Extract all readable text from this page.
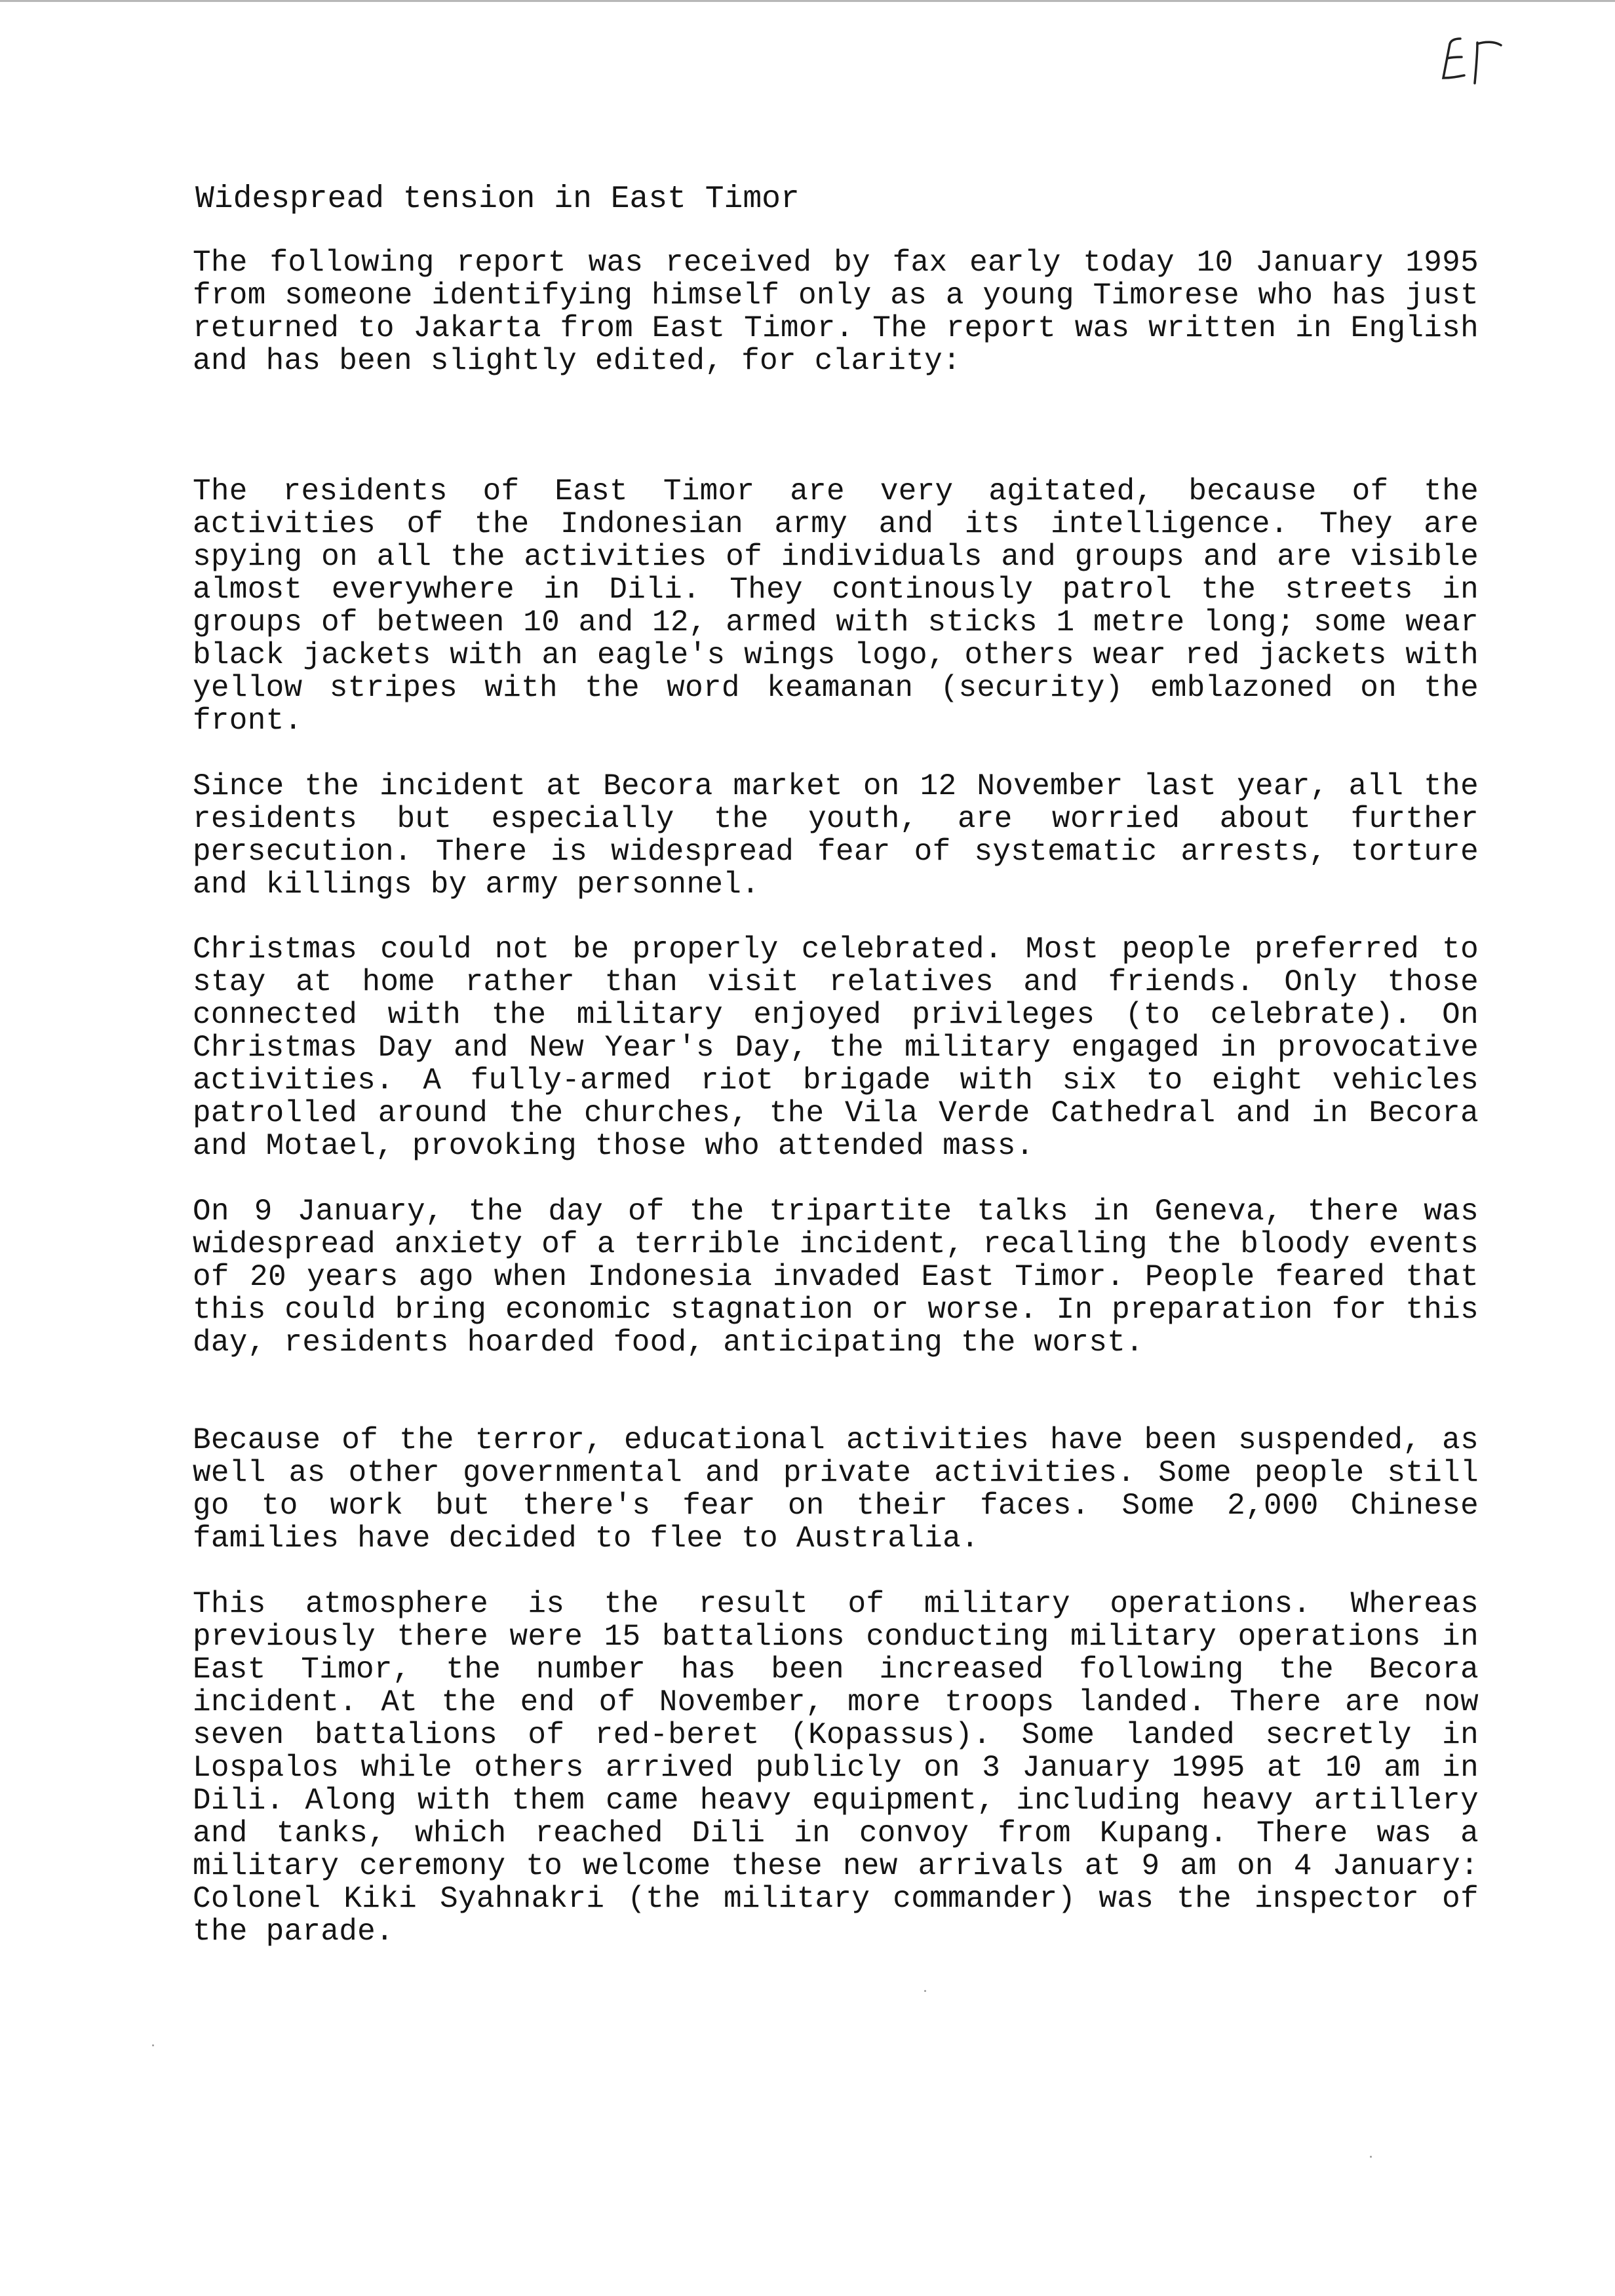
Widespread tension in East Timor

The following report was received by fax early today 10 January 1995 from someone identifying himself only as a young Timorese who has just returned to Jakarta from East Timor. The report was written in English and has been slightly edited, for clarity:

The residents of East Timor are very agitated, because of the activities of the Indonesian army and its intelligence. They are spying on all the activities of individuals and groups and are visible almost everywhere in Dili. They continously patrol the streets in groups of between 10 and 12, armed with sticks 1 metre long; some wear black jackets with an eagle's wings logo, others wear red jackets with yellow stripes with the word keamanan (security) emblazoned on the front.

Since the incident at Becora market on 12 November last year, all the residents but especially the youth, are worried about further persecution. There is widespread fear of systematic arrests, torture and killings by army personnel.

Christmas could not be properly celebrated. Most people preferred to stay at home rather than visit relatives and friends. Only those connected with the military enjoyed privileges (to celebrate). On Christmas Day and New Year's Day, the military engaged in provocative activities. A fully-armed riot brigade with six to eight vehicles patrolled around the churches, the Vila Verde Cathedral and in Becora and Motael, provoking those who attended mass.

On 9 January, the day of the tripartite talks in Geneva, there was widespread anxiety of a terrible incident, recalling the bloody events of 20 years ago when Indonesia invaded East Timor. People feared that this could bring economic stagnation or worse. In preparation for this day, residents hoarded food, anticipating the worst.

Because of the terror, educational activities have been suspended, as well as other governmental and private activities. Some people still go to work but there's fear on their faces. Some 2,000 Chinese families have decided to flee to Australia.

This atmosphere is the result of military operations. Whereas previously there were 15 battalions conducting military operations in East Timor, the number has been increased following the Becora incident. At the end of November, more troops landed. There are now seven battalions of red-beret (Kopassus). Some landed secretly in Lospalos while others arrived publicly on 3 January 1995 at 10 am in Dili. Along with them came heavy equipment, including heavy artillery and tanks, which reached Dili in convoy from Kupang. There was a military ceremony to welcome these new arrivals at 9 am on 4 January: Colonel Kiki Syahnakri (the military commander) was the inspector of the parade.
